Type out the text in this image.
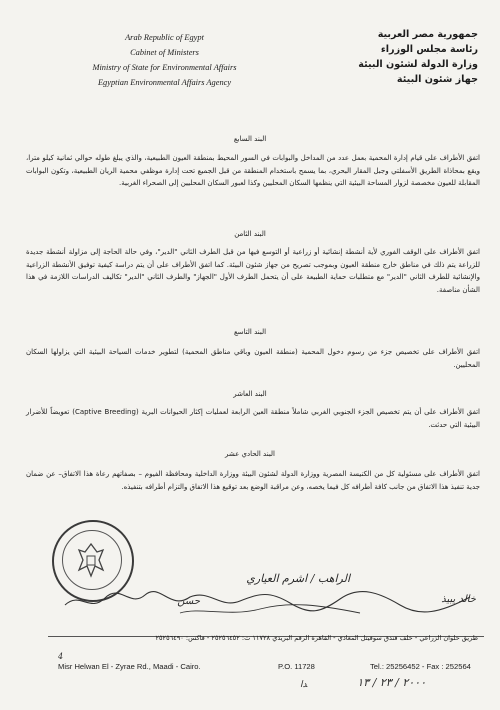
Arab Republic of Egypt
Cabinet of Ministers
Ministry of State for Environmental Affairs
Egyptian Environmental Affairs Agency
جمهورية مصر العربية
رئاسة مجلس الوزراء
وزارة الدولة لشئون البيئة
جهاز شئون البيئة
البند السابع
اتفق الأطراف على قيام إدارة المحمية بعمل عدد من المداخل والبوابات في السور المحيط بمنطقة العيون الطبيعية، والذي يبلغ طوله حوالي ثمانية كيلو مترا، ويقع بمحاذاة الطريق الأسفلتي وجبل المقار البحري، بما يسمح باستخدام المنطقة من قبل الجميع تحت إدارة موظفي محمية الريان الطبيعية، وتكون البوابات المقابلة للعيون مخصصة لزوار المساحة البيئية التي ينظمها السكان المحليين وكذا لعبور السكان المحليين إلى الصحراء الغربية.
البند الثامن
اتفق الأطراف على الوقف الفوري لأية أنشطة إنشائية أو زراعية أو التوسع فيها من قبل الطرف الثاني "الدير"، وفي حالة الحاجة إلى مزاولة أنشطة جديدة للزراعة يتم ذلك في مناطق خارج منطقة العيون وبموجب تصريح من جهاز شئون البيئة. كما اتفق الأطراف على أن يتم دراسة كيفية توفيق الأنشطة الزراعية والإنشائية للطرف الثاني "الدير" مع متطلبات حماية الطبيعة على أن يتحمل الطرف الأول "الجهاز" والطرف الثاني "الدير" تكاليف الدراسات اللازمة في هذا الشأن مناصفة.
البند التاسع
اتفق الأطراف على تخصيص جزء من رسوم دخول المحمية (منطقة العيون وباقي مناطق المحمية) لتطوير خدمات السياحة البيئية التي يزاولها السكان المحليين.
البند العاشر
اتفق الأطراف على أن يتم تخصيص الجزء الجنوبي الغربي شاملاً منطقة العين الرابعة لعمليات إكثار الحيوانات البرية (Captive Breeding) تعويضاً للأضرار البيئية التي حدثت.
البند الحادي عشر
اتفق الأطراف على مسئولية كل من الكنيسة المصرية ووزارة الدولة لشئون البيئة ووزارة الداخلية ومحافظة الفيوم – بصفاتهم رعاة هذا الاتفاق– عن ضمان جدية تنفيذ هذا الاتفاق من جانب كافة أطرافه كل فيما يخصه، وعن مراقبة الوضع بعد توقيع هذا الاتفاق والتزام أطرافه بتنفيذه.
الراهب / اشرم العياري
خالد يبيذ
حسن
طريق حلوان الزراعي - خلف فندق سوفيتل المعادي - القاهرة الرقم البريدي ١١٧٢٨ ت: ٢٥٢٥٦٤٥٢ - فاكس: ٢٥٢٥٦٤٩٠
Misr Helwan El - Zyrae Rd., Maadi - Cairo.	P.O. 11728	Tel.: 25256452 - Fax : 252564
4
٢٠٠٠ / ٢٣ / ١٣
ﺪا
